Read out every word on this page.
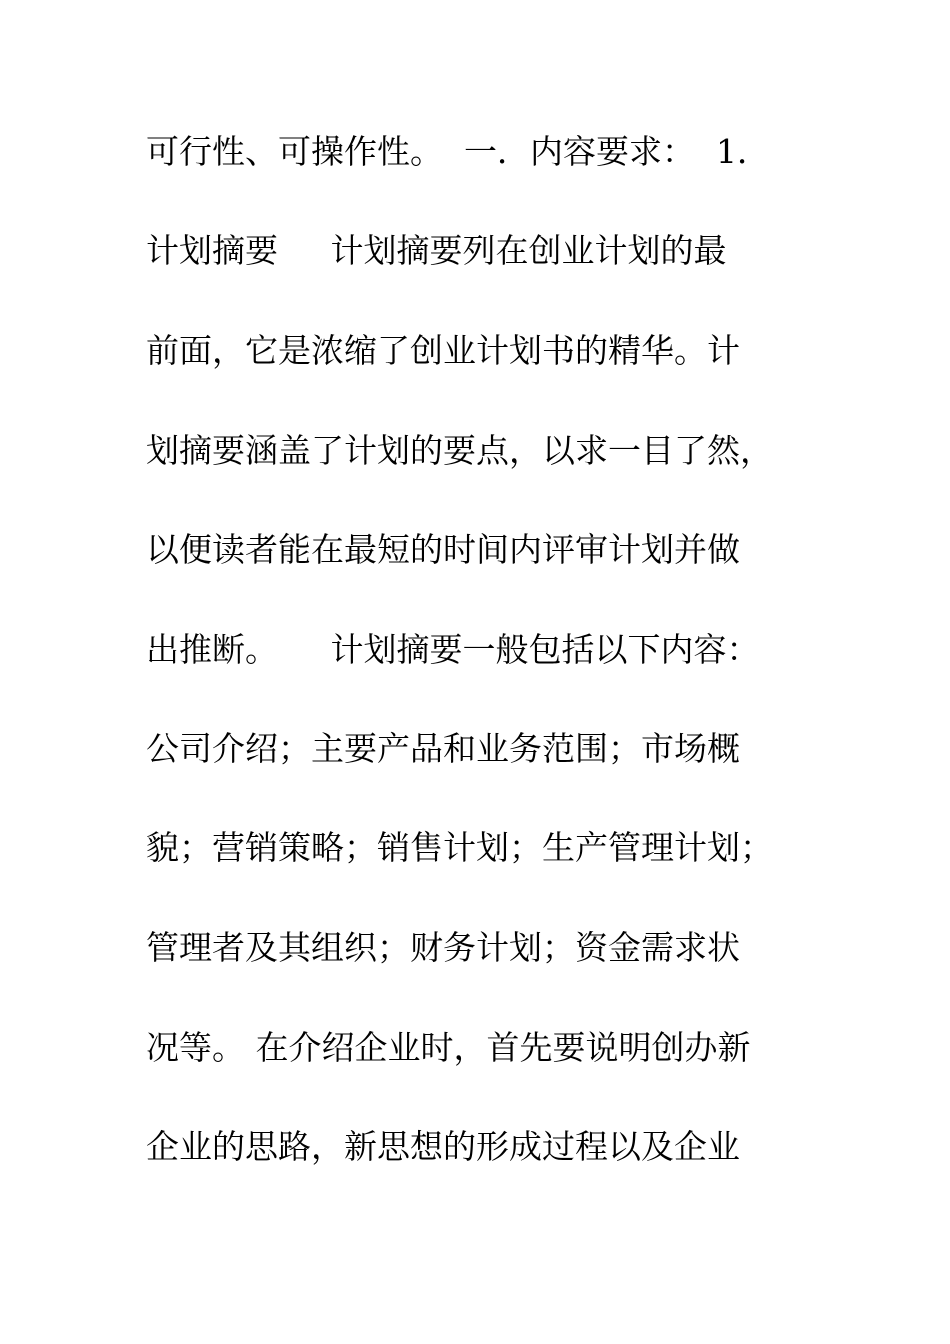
可行性、可操作性。  一．内容要求：  1．
计划摘要     计划摘要列在创业计划的最
前面，它是浓缩了创业计划书的精华。计
划摘要涵盖了计划的要点，以求一目了然，
以便读者能在最短的时间内评审计划并做
出推断。     计划摘要一般包括以下内容：
公司介绍；主要产品和业务范围；市场概
貌；营销策略；销售计划；生产管理计划；
管理者及其组织；财务计划；资金需求状
况等。 在介绍企业时，首先要说明创办新
企业的思路，新思想的形成过程以及企业
